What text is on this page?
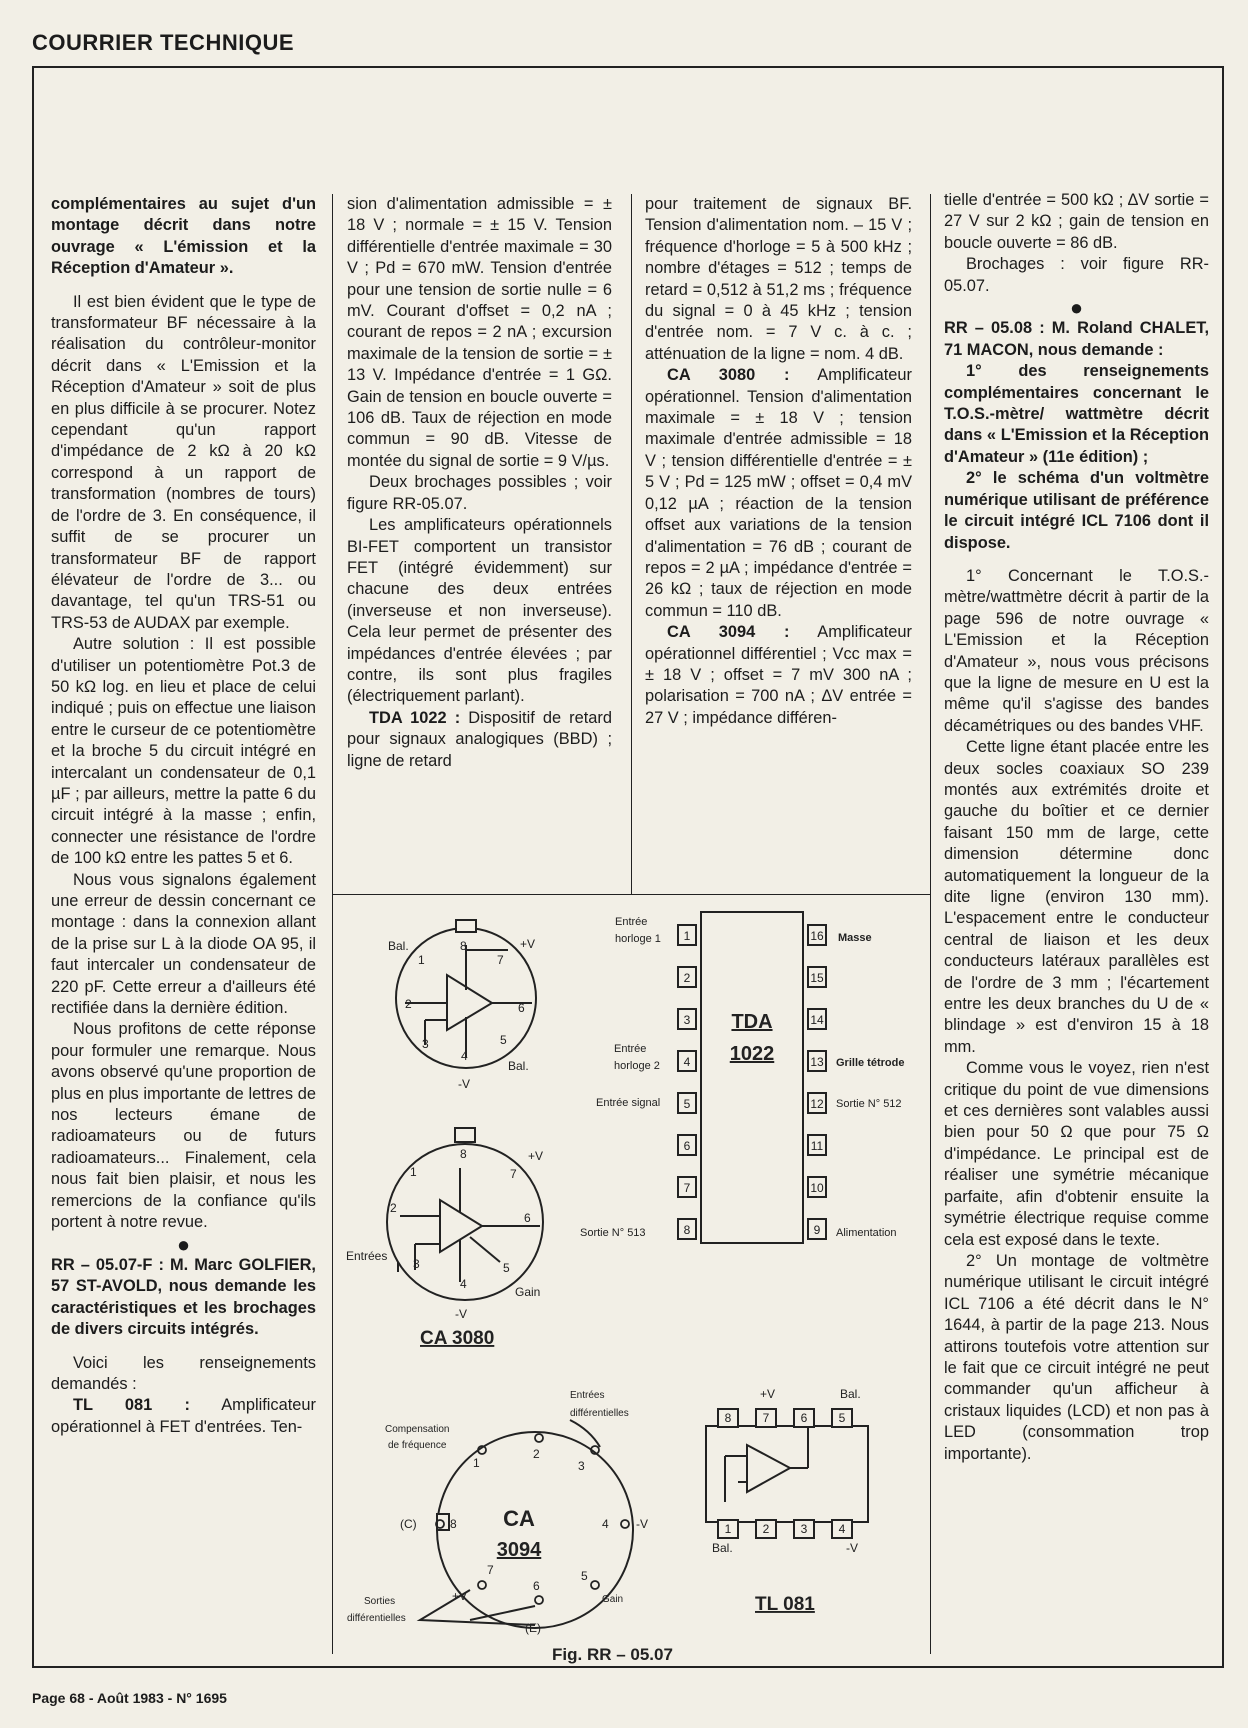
COURRIER TECHNIQUE

complémentaires au sujet d'un montage décrit dans notre ouvrage « L'émission et la Réception d'Amateur ».

Il est bien évident que le type de transformateur BF nécessaire à la réalisation du contrôleur-monitor décrit dans « L'Emission et la Réception d'Amateur » soit de plus en plus difficile à se procurer. Notez cependant qu'un rapport d'impédance de 2 kΩ à 20 kΩ correspond à un rapport de transformation (nombres de tours) de l'ordre de 3. En conséquence, il suffit de se procurer un transformateur BF de rapport élévateur de l'ordre de 3... ou davantage, tel qu'un TRS-51 ou TRS-53 de AUDAX par exemple.

Autre solution : Il est possible d'utiliser un potentiomètre Pot.3 de 50 kΩ log. en lieu et place de celui indiqué ; puis on effectue une liaison entre le curseur de ce potentiomètre et la broche 5 du circuit intégré en intercalant un condensateur de 0,1 µF ; par ailleurs, mettre la patte 6 du circuit intégré à la masse ; enfin, connecter une résistance de l'ordre de 100 kΩ entre les pattes 5 et 6.

Nous vous signalons également une erreur de dessin concernant ce montage : dans la connexion allant de la prise sur L à la diode OA 95, il faut intercaler un condensateur de 220 pF. Cette erreur a d'ailleurs été rectifiée dans la dernière édition.

Nous profitons de cette réponse pour formuler une remarque. Nous avons observé qu'une proportion de plus en plus importante de lettres de nos lecteurs émane de radioamateurs ou de futurs radioamateurs... Finalement, cela nous fait bien plaisir, et nous les remercions de la confiance qu'ils portent à notre revue.

●

RR – 05.07-F : M. Marc GOLFIER, 57 ST-AVOLD, nous demande les caractéristiques et les brochages de divers circuits intégrés.

Voici les renseignements demandés :

TL 081 : Amplificateur opérationnel à FET d'entrées. Ten-

sion d'alimentation admissible = ± 18 V ; normale = ± 15 V. Tension différentielle d'entrée maximale = 30 V ; Pd = 670 mW. Tension d'entrée pour une tension de sortie nulle = 6 mV. Courant d'offset = 0,2 nA ; courant de repos = 2 nA ; excursion maximale de la tension de sortie = ± 13 V. Impédance d'entrée = 1 GΩ. Gain de tension en boucle ouverte = 106 dB. Taux de réjection en mode commun = 90 dB. Vitesse de montée du signal de sortie = 9 V/µs.

Deux brochages possibles ; voir figure RR-05.07.

Les amplificateurs opérationnels BI-FET comportent un transistor FET (intégré évidemment) sur chacune des deux entrées (inverseuse et non inverseuse). Cela leur permet de présenter des impédances d'entrée élevées ; par contre, ils sont plus fragiles (électriquement parlant).

TDA 1022 : Dispositif de retard pour signaux analogiques (BBD) ; ligne de retard

pour traitement de signaux BF. Tension d'alimentation nom. – 15 V ; fréquence d'horloge = 5 à 500 kHz ; nombre d'étages = 512 ; temps de retard = 0,512 à 51,2 ms ; fréquence du signal = 0 à 45 kHz ; tension d'entrée nom. = 7 V c. à c. ; atténuation de la ligne = nom. 4 dB.

CA 3080 : Amplificateur opérationnel. Tension d'alimentation maximale = ± 18 V ; tension maximale d'entrée admissible = 18 V ; tension différentielle d'entrée = ± 5 V ; Pd = 125 mW ; offset = 0,4 mV 0,12 µA ; réaction de la tension offset aux variations de la tension d'alimentation = 76 dB ; courant de repos = 2 µA ; impédance d'entrée = 26 kΩ ; taux de réjection en mode commun = 110 dB.

CA 3094 : Amplificateur opérationnel différentiel ; Vcc max = ± 18 V ; offset = 7 mV 300 nA ; polarisation = 700 nA ; ΔV entrée = 27 V ; impédance différen-

tielle d'entrée = 500 kΩ ; ΔV sortie = 27 V sur 2 kΩ ; gain de tension en boucle ouverte = 86 dB.

Brochages : voir figure RR-05.07.

●

RR – 05.08 : M. Roland CHALET, 71 MACON, nous demande :

1° des renseignements complémentaires concernant le T.O.S.-mètre/ wattmètre décrit dans « L'Emission et la Réception d'Amateur » (11e édition) ;

2° le schéma d'un voltmètre numérique utilisant de préférence le circuit intégré ICL 7106 dont il dispose.

1° Concernant le T.O.S.-mètre/wattmètre décrit à partir de la page 596 de notre ouvrage « L'Emission et la Réception d'Amateur », nous vous précisons que la ligne de mesure en U est la même qu'il s'agisse des bandes décamétriques ou des bandes VHF.

Cette ligne étant placée entre les deux socles coaxiaux SO 239 montés aux extrémités droite et gauche du boîtier et ce dernier faisant 150 mm de large, cette dimension détermine donc automatiquement la longueur de la dite ligne (environ 130 mm). L'espacement entre le conducteur central de liaison et les deux conducteurs latéraux parallèles est de l'ordre de 3 mm ; l'écartement entre les deux branches du U de « blindage » est d'environ 15 à 18 mm.

Comme vous le voyez, rien n'est critique du point de vue dimensions et ces dernières sont valables aussi bien pour 50 Ω que pour 75 Ω d'impédance. Le principal est de réaliser une symétrie mécanique parfaite, afin d'obtenir ensuite la symétrie électrique requise comme cela est exposé dans le texte.

2° Un montage de voltmètre numérique utilisant le circuit intégré ICL 7106 a été décrit dans le N° 1644, à partir de la page 213. Nous attirons toutefois votre attention sur le fait que ce circuit intégré ne peut commander qu'un afficheur à cristaux liquides (LCD) et non pas à LED (consommation trop importante).

1
2
3
4
5
6
7
8
16
15
14
13
12
11
10
9
8	7	6	5
1	2	3	4
Bal.
Bal.
+V
-V
1
2
3
4
5
6
7
8
+V
-V
Entrées
Gain
1
2
3
4
5
6
7
8
CA 3080
TDA
1022
Entrée
horloge 1
Entrée
horloge 2
Entrée signal
Sortie N° 513
Masse
Grille tétrode
Sortie N° 512
Alimentation
CA
3094
Compensation
de fréquence
Entrées
différentielles
Sorties
différentielles
(C)
(E)
-V
+V	Gain
1
2
3
4
5
6
7
8
+V	Bal.
Bal.	-V
TL 081
Fig. RR – 05.07
Page 68 - Août 1983 - N° 1695
